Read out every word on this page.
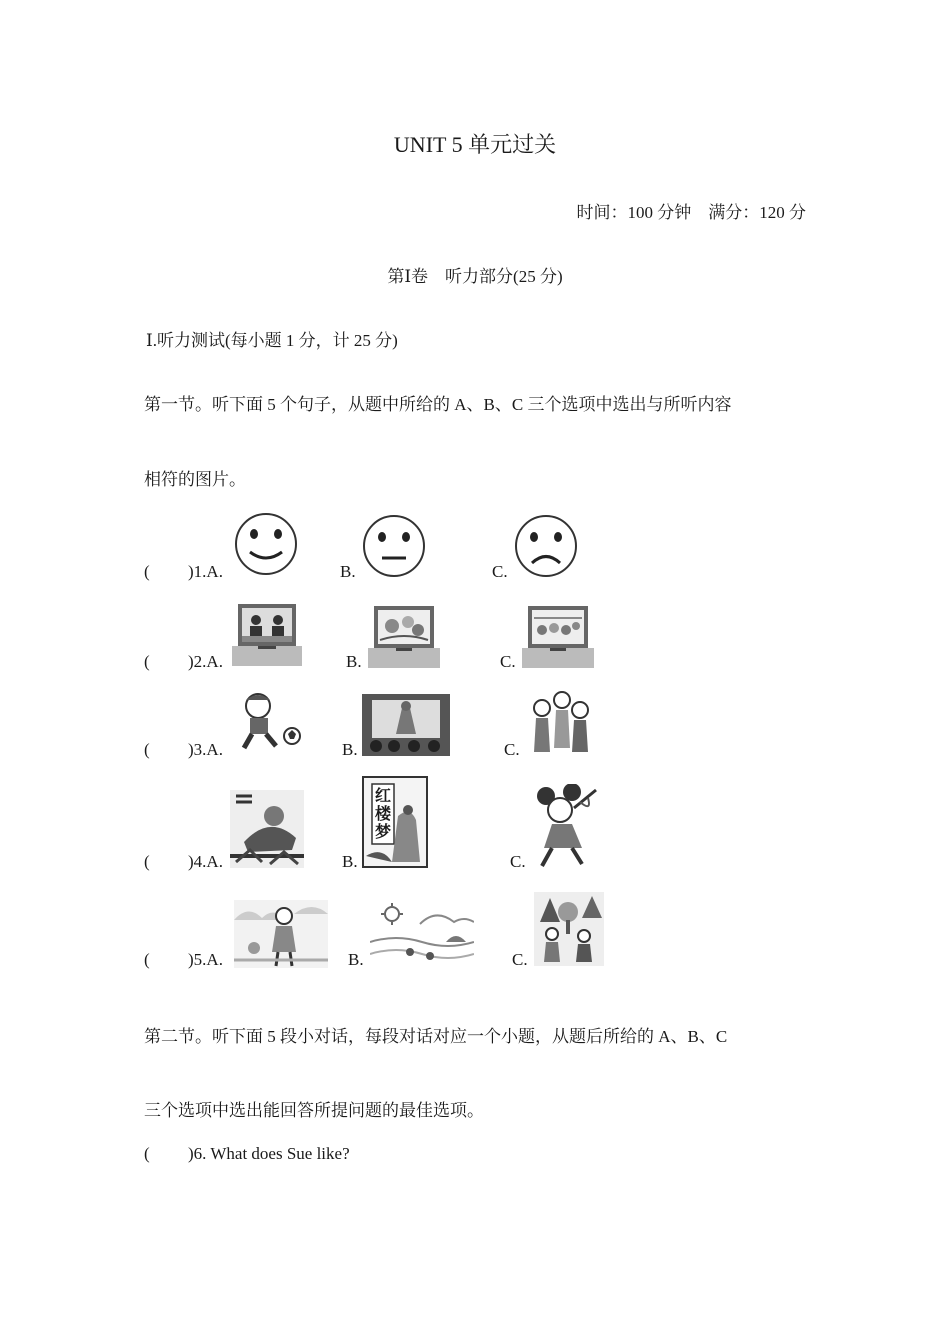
UNIT 5 单元过关
时间：100 分钟　满分：120 分
第Ⅰ卷　听力部分(25 分)
Ⅰ.听力测试(每小题 1 分，计 25 分)
第一节。听下面 5 个句子，从题中所给的 A、B、C 三个选项中选出与所听内容
相符的图片。
( )1.A.	B.	C.
( )2.A.	B.	C.
( )3.A.	B.	C.
( )4.A.	B.	C.
红
楼
梦
( )5.A.	B.	C.
第二节。听下面 5 段小对话，每段对话对应一个小题，从题后所给的 A、B、C
三个选项中选出能回答所提问题的最佳选项。
( )6. What does Sue like?
